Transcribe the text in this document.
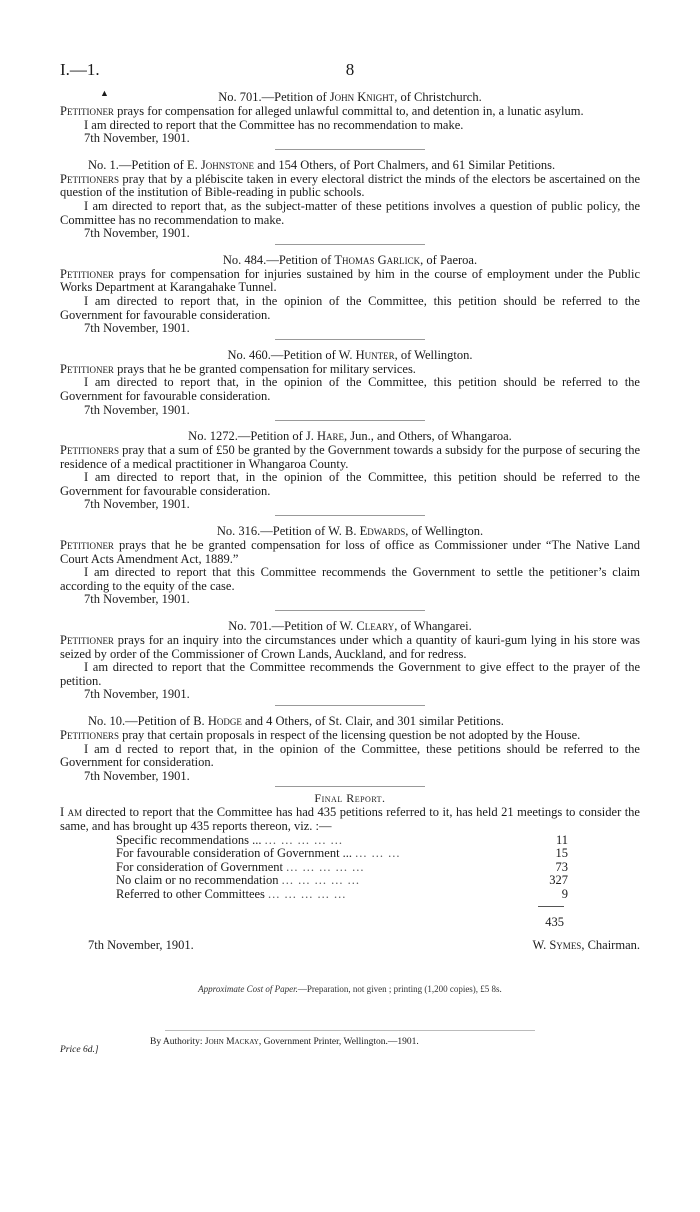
I.—1.	8
▲	No. 701.—Petition of John Knight, of Christchurch.

Petitioner prays for compensation for alleged unlawful committal to, and detention in, a lunatic asylum.

I am directed to report that the Committee has no recommendation to make.

7th November, 1901.
No. 1.—Petition of E. Johnstone and 154 Others, of Port Chalmers, and 61 Similar Petitions.

Petitioners pray that by a plébiscite taken in every electoral district the minds of the electors be ascertained on the question of the institution of Bible-reading in public schools.

I am directed to report that, as the subject-matter of these petitions involves a question of public policy, the Committee has no recommendation to make.

7th November, 1901.
No. 484.—Petition of Thomas Garlick, of Paeroa.

Petitioner prays for compensation for injuries sustained by him in the course of employment under the Public Works Department at Karangahake Tunnel.

I am directed to report that, in the opinion of the Committee, this petition should be referred to the Government for favourable consideration.

7th November, 1901.
No. 460.—Petition of W. Hunter, of Wellington.

Petitioner prays that he be granted compensation for military services.

I am directed to report that, in the opinion of the Committee, this petition should be referred to the Government for favourable consideration.

7th November, 1901.
No. 1272.—Petition of J. Hare, Jun., and Others, of Whangaroa.

Petitioners pray that a sum of £50 be granted by the Government towards a subsidy for the purpose of securing the residence of a medical practitioner in Whangaroa County.

I am directed to report that, in the opinion of the Committee, this petition should be referred to the Government for favourable consideration.

7th November, 1901.
No. 316.—Petition of W. B. Edwards, of Wellington.

Petitioner prays that he be granted compensation for loss of office as Commissioner under “The Native Land Court Acts Amendment Act, 1889.”

I am directed to report that this Committee recommends the Government to settle the petitioner’s claim according to the equity of the case.

7th November, 1901.
No. 701.—Petition of W. Cleary, of Whangarei.

Petitioner prays for an inquiry into the circumstances under which a quantity of kauri-gum lying in his store was seized by order of the Commissioner of Crown Lands, Auckland, and for redress.

I am directed to report that the Committee recommends the Government to give effect to the prayer of the petition.

7th November, 1901.
No. 10.—Petition of B. Hodge and 4 Others, of St. Clair, and 301 similar Petitions.

Petitioners pray that certain proposals in respect of the licensing question be not adopted by the House.

I am d rected to report that, in the opinion of the Committee, these petitions should be referred to the Government for consideration.

7th November, 1901.
Final Report.

I am directed to report that the Committee has had 435 petitions referred to it, has held 21 meetings to consider the same, and has brought up 435 reports thereon, viz. :—

Specific recommendations ... ... ... ... ... ...	11
For favourable consideration of Government ... ... ... ...	15
For consideration of Government ... ... ... ... ...	73
No claim or no recommendation ... ... ... ... ...	327
Referred to other Committees ... ... ... ... ...	9
435
7th November, 1901.	W. Symes, Chairman.
Approximate Cost of Paper.—Preparation, not given ; printing (1,200 copies), £5 8s.
Price 6d.]
By Authority: John Mackay, Government Printer, Wellington.—1901.
